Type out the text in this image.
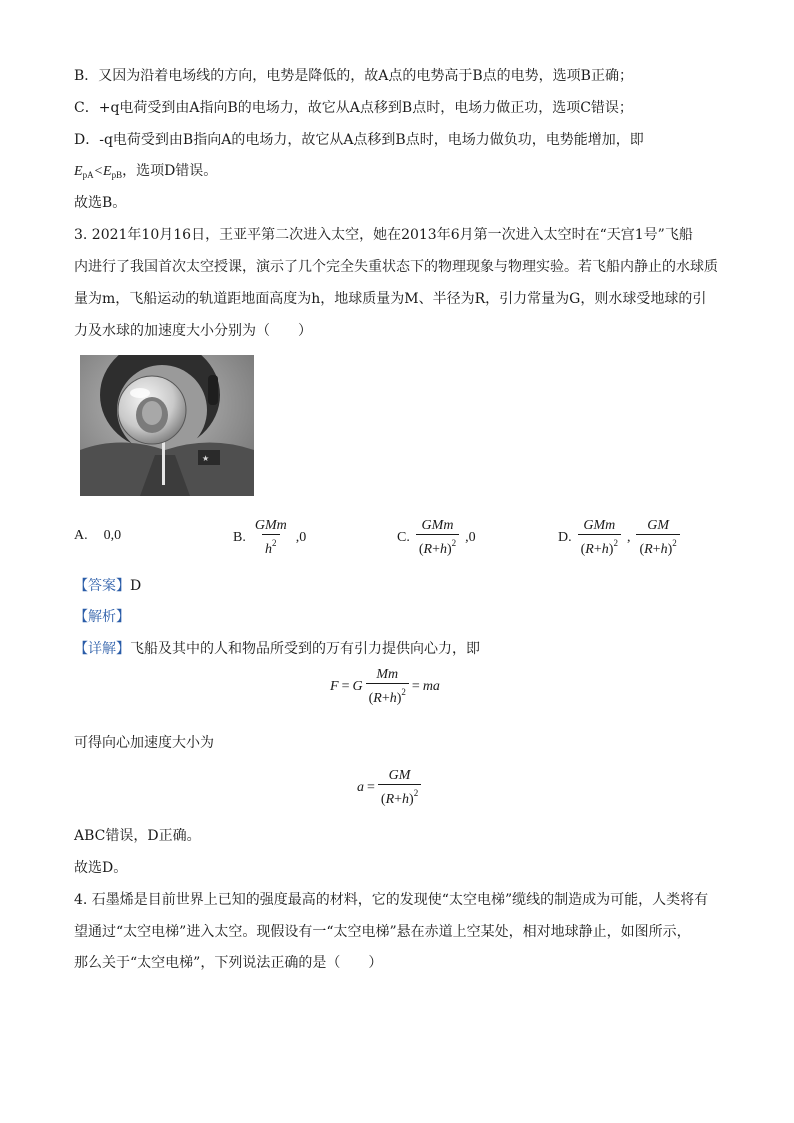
B．又因为沿着电场线的方向，电势是降低的，故A点的电势高于B点的电势，选项B正确；
C．+q电荷受到由A指向B的电场力，故它从A点移到B点时，电场力做正功，选项C错误；
D．-q电荷受到由B指向A的电场力，故它从A点移到B点时，电场力做负功，电势能增加，即
$E_{pA}<E_{pB}$，选项D错误。
故选B。
3. 2021年10月16日，王亚平第二次进入太空，她在2013年6月第一次进入太空时在“天宫1号”飞船
内进行了我国首次太空授课，演示了几个完全失重状态下的物理现象与物理实验。若飞船内静止的水球质
量为m，飞船运动的轨道距地面高度为h，地球质量为M、半径为R，引力常量为G，则水球受地球的引
力及水球的加速度大小分别为（　　）
★
A. 0,0	B. $\frac{\text{GMm}}{h^2} ,0$	C. $\frac{\text{GMm}}{(R+h)^2} ,0$	D. $\frac{\text{GMm}}{(R+h)^2}$ , $\frac{GM}{(R+h)^2}$
【答案】D
【解析】
【详解】飞船及其中的人和物品所受到的万有引力提供向心力，即
F = G $\frac{Mm}{(R+h)^2}$ = ma
可得向心加速度大小为
$a = \frac{GM}{(R+h)^2}$
ABC错误，D正确。
故选D。
4. 石墨烯是目前世界上已知的强度最高的材料，它的发现使“太空电梯”缆线的制造成为可能，人类将有
望通过“太空电梯”进入太空。现假设有一“太空电梯”悬在赤道上空某处，相对地球静止，如图所示，
那么关于“太空电梯”，下列说法正确的是（　　）
